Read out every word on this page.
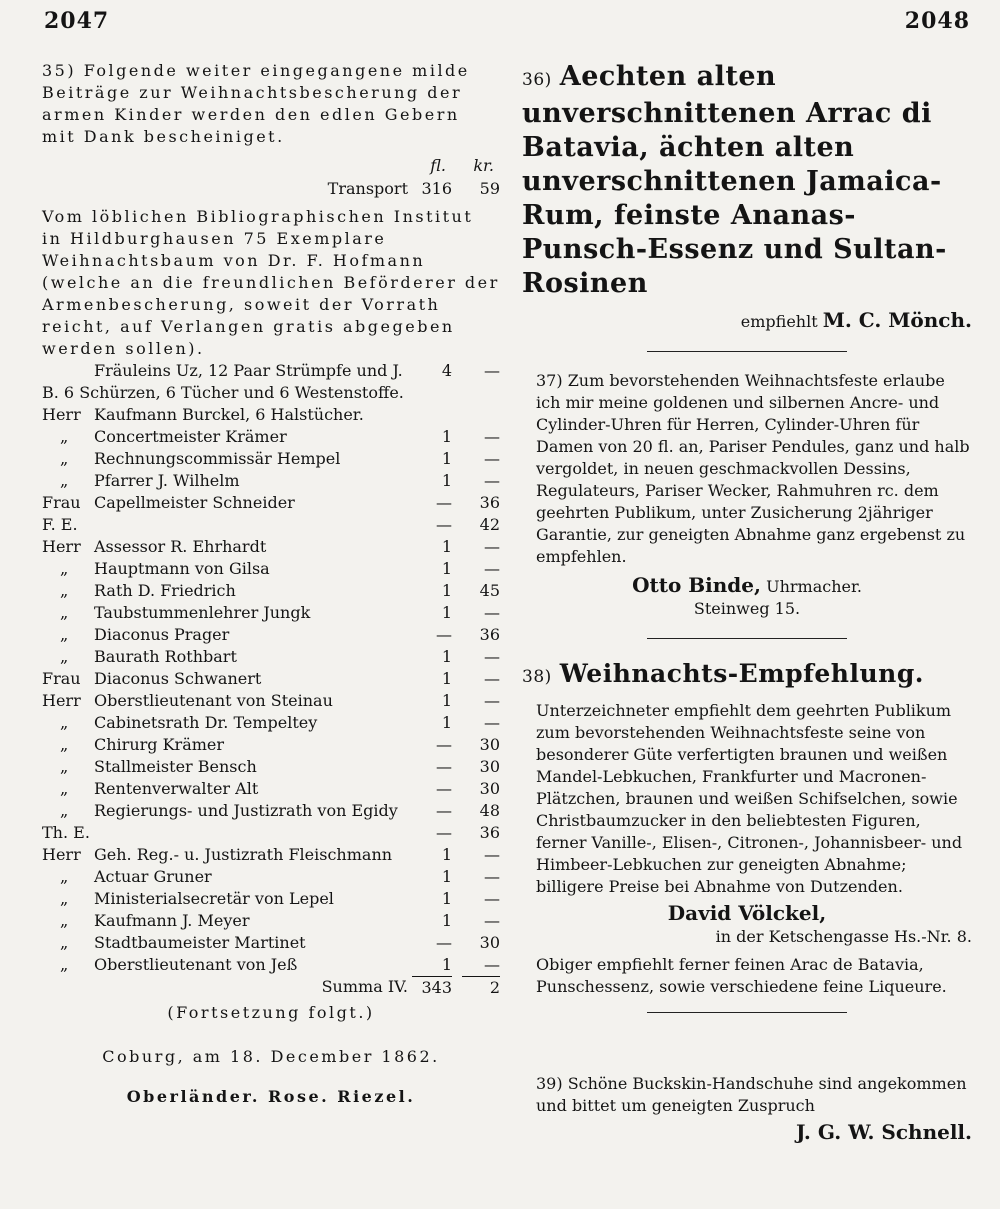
2047	2048

35) Folgende weiter eingegangene milde Beiträge zur Weihnachtsbescherung der armen Kinder werden den edlen Gebern mit Dank bescheiniget.

fl. kr.
Transport 316	59

Vom löblichen Bibliographischen Institut in Hildburghausen 75 Exemplare Weihnachtsbaum von Dr. F. Hofmann (welche an die freundlichen Beförderer der Armenbescherung, soweit der Vorrath reicht, auf Verlangen gratis abgegeben werden sollen).

Fräuleins Uz, 12 Paar Strümpfe und J. B. 6 Schürzen, 6 Tücher und 6 Westenstoffe.
4	—
Herr Kaufmann Burckel, 6 Halstücher.
„ Concertmeister Krämer	1	—
„ Rechnungscommissär Hempel	1	—
„ Pfarrer J. Wilhelm	1	—
Frau Capellmeister Schneider	—	36
F. E.	—	42
Herr Assessor R. Ehrhardt	1	—
„ Hauptmann von Gilsa	1	—
„ Rath D. Friedrich	1	45
„ Taubstummenlehrer Jungk	1	—
„ Diaconus Prager	—	36
„ Baurath Rothbart	1	—
Frau Diaconus Schwanert	1	—
Herr Oberstlieutenant von Steinau	1	—
„ Cabinetsrath Dr. Tempeltey	1	—
„ Chirurg Krämer	—	30
„ Stallmeister Bensch	—	30
„ Rentenverwalter Alt	—	30
„ Regierungs- und Justizrath von Egidy	—	48
Th. E.	—	36
Herr Geh. Reg.- u. Justizrath Fleischmann	1	—
„ Actuar Gruner	1	—
„ Ministerialsecretär von Lepel	1	—
„ Kaufmann J. Meyer	1	—
„ Stadtbaumeister Martinet	—	30
„ Oberstlieutenant von Jeß	1	—
Summa IV. 343	2

(Fortsetzung folgt.)

Coburg, am 18. December 1862.

Oberländer. Rose. Riezel.

36) Aechten alten unverschnittenen Arrac di Batavia, ächten alten unverschnittenen Jamaica-Rum, feinste Ananas-Punsch-Essenz und Sultan-Rosinen

empfiehlt M. C. Mönch.

37) Zum bevorstehenden Weihnachtsfeste erlaube ich mir meine goldenen und silbernen Ancre- und Cylinder-Uhren für Herren, Cylinder-Uhren für Damen von 20 fl. an, Pariser Pendules, ganz und halb vergoldet, in neuen geschmackvollen Dessins, Regulateurs, Pariser Wecker, Rahmuhren rc. dem geehrten Publikum, unter Zusicherung 2jähriger Garantie, zur geneigten Abnahme ganz ergebenst zu empfehlen.

Otto Binde, Uhrmacher.

Steinweg 15.

38) Weihnachts-Empfehlung.

Unterzeichneter empfiehlt dem geehrten Publikum zum bevorstehenden Weihnachtsfeste seine von besonderer Güte verfertigten braunen und weißen Mandel-Lebkuchen, Frankfurter und Macronen-Plätzchen, braunen und weißen Schifselchen, sowie Christbaumzucker in den beliebtesten Figuren, ferner Vanille-, Elisen-, Citronen-, Johannisbeer- und Himbeer-Lebkuchen zur geneigten Abnahme; billigere Preise bei Abnahme von Dutzenden.

David Völckel,

in der Ketschengasse Hs.-Nr. 8.

Obiger empfiehlt ferner feinen Arac de Batavia, Punschessenz, sowie verschiedene feine Liqueure.

39) Schöne Buckskin-Handschuhe sind angekommen und bittet um geneigten Zuspruch

J. G. W. Schnell.
